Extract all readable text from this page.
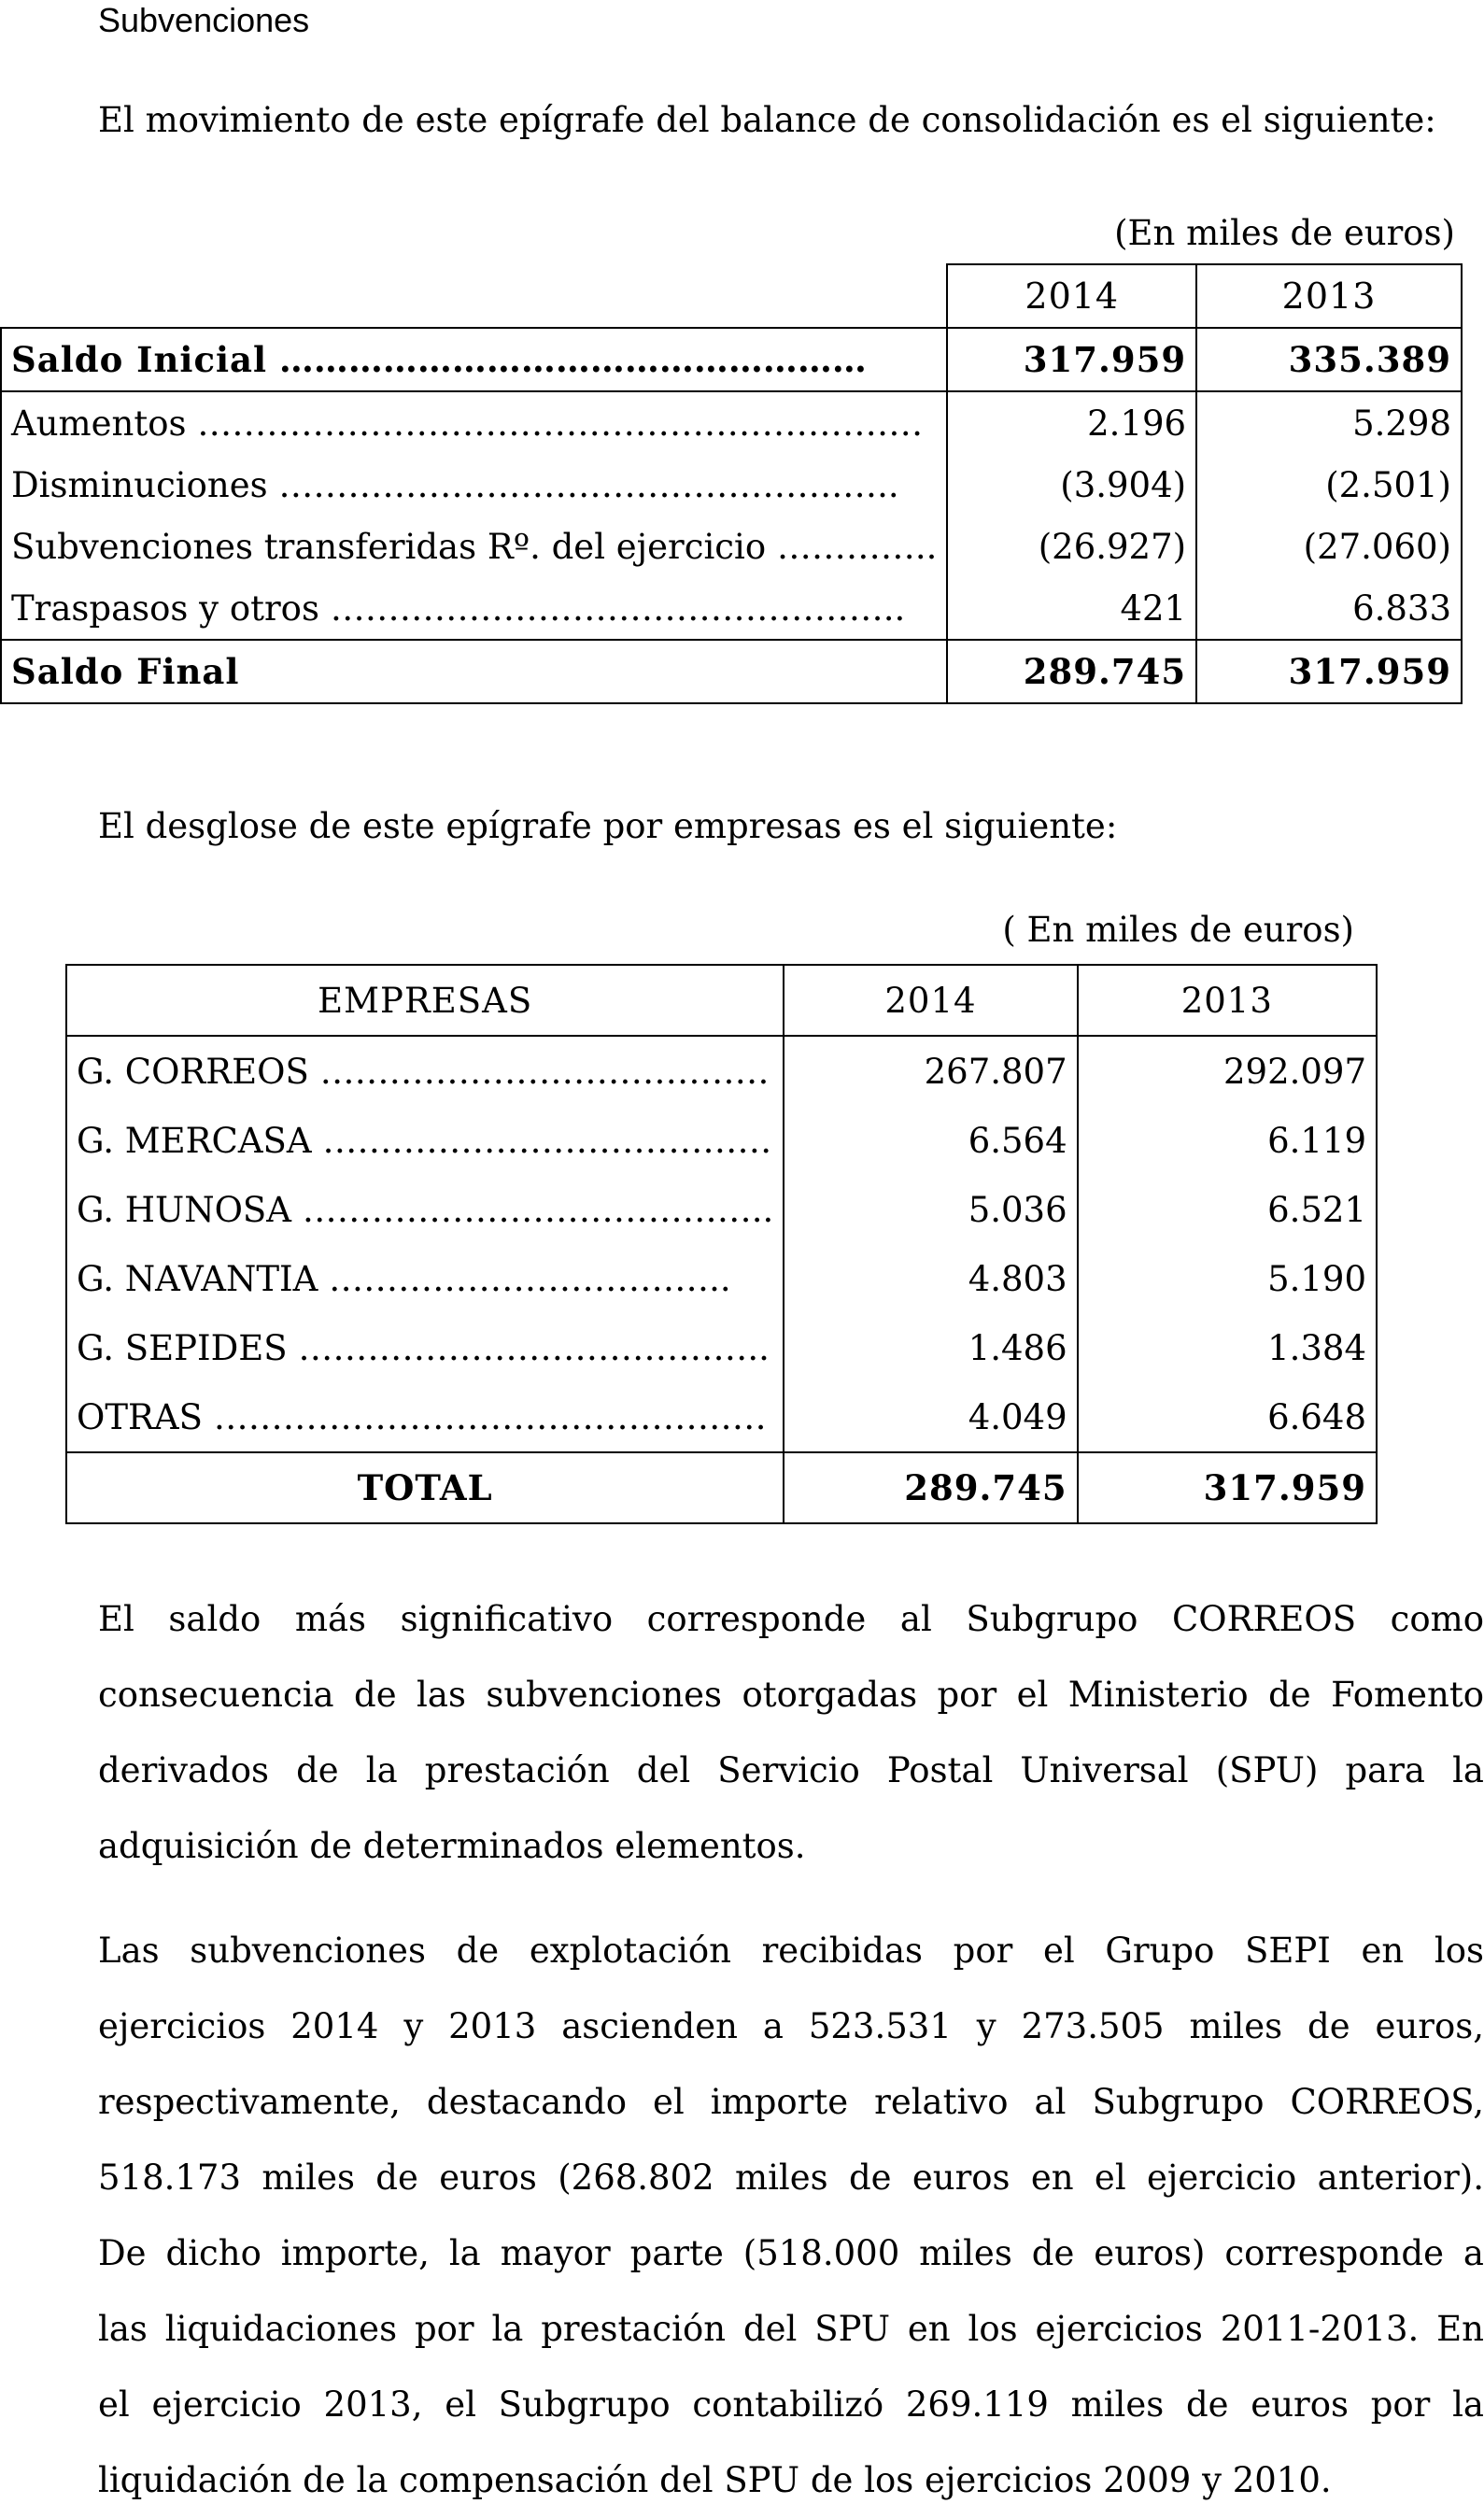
Subvenciones

El movimiento de este epígrafe del balance de consolidación es el siguiente:

(En miles de euros)

	2014	2013
Saldo Inicial ……………………………………………	317.959	335.389
Aumentos ………………………………………………………	2.196	5.298
Disminuciones ………………………………………….…..	(3.904)	(2.501)
Subvenciones transferidas Rº. del ejercicio …………..	(26.927)	(27.060)
Traspasos y otros …………………………………………..	421	6.833
Saldo Final	289.745	317.959

El desglose de este epígrafe por empresas es el siguiente:

( En miles de euros)

EMPRESAS	2014	2013
G. CORREOS …………………………………	267.807	292.097
G. MERCASA …………………………………	6.564	6.119
G. HUNOSA …………………………………..	5.036	6.521
G. NAVANTIA ……………………………..	4.803	5.190
G. SEPIDES …………………………………..	1.486	1.384
OTRAS …………………………………………	4.049	6.648
TOTAL	289.745	317.959
El saldo más significativo corresponde al Subgrupo CORREOS como
consecuencia de las subvenciones otorgadas por el Ministerio de Fomento
derivados de la prestación del Servicio Postal Universal (SPU) para la
adquisición de determinados elementos.
Las subvenciones de explotación recibidas por el Grupo SEPI en los
ejercicios 2014 y 2013 ascienden a 523.531 y 273.505 miles de euros,
respectivamente, destacando el importe relativo al Subgrupo CORREOS,
518.173 miles de euros (268.802 miles de euros en el ejercicio anterior).
De dicho importe, la mayor parte (518.000 miles de euros) corresponde a
las liquidaciones por la prestación del SPU en los ejercicios 2011-2013. En
el ejercicio 2013, el Subgrupo contabilizó 269.119 miles de euros por la
liquidación de la compensación del SPU de los ejercicios 2009 y 2010.
